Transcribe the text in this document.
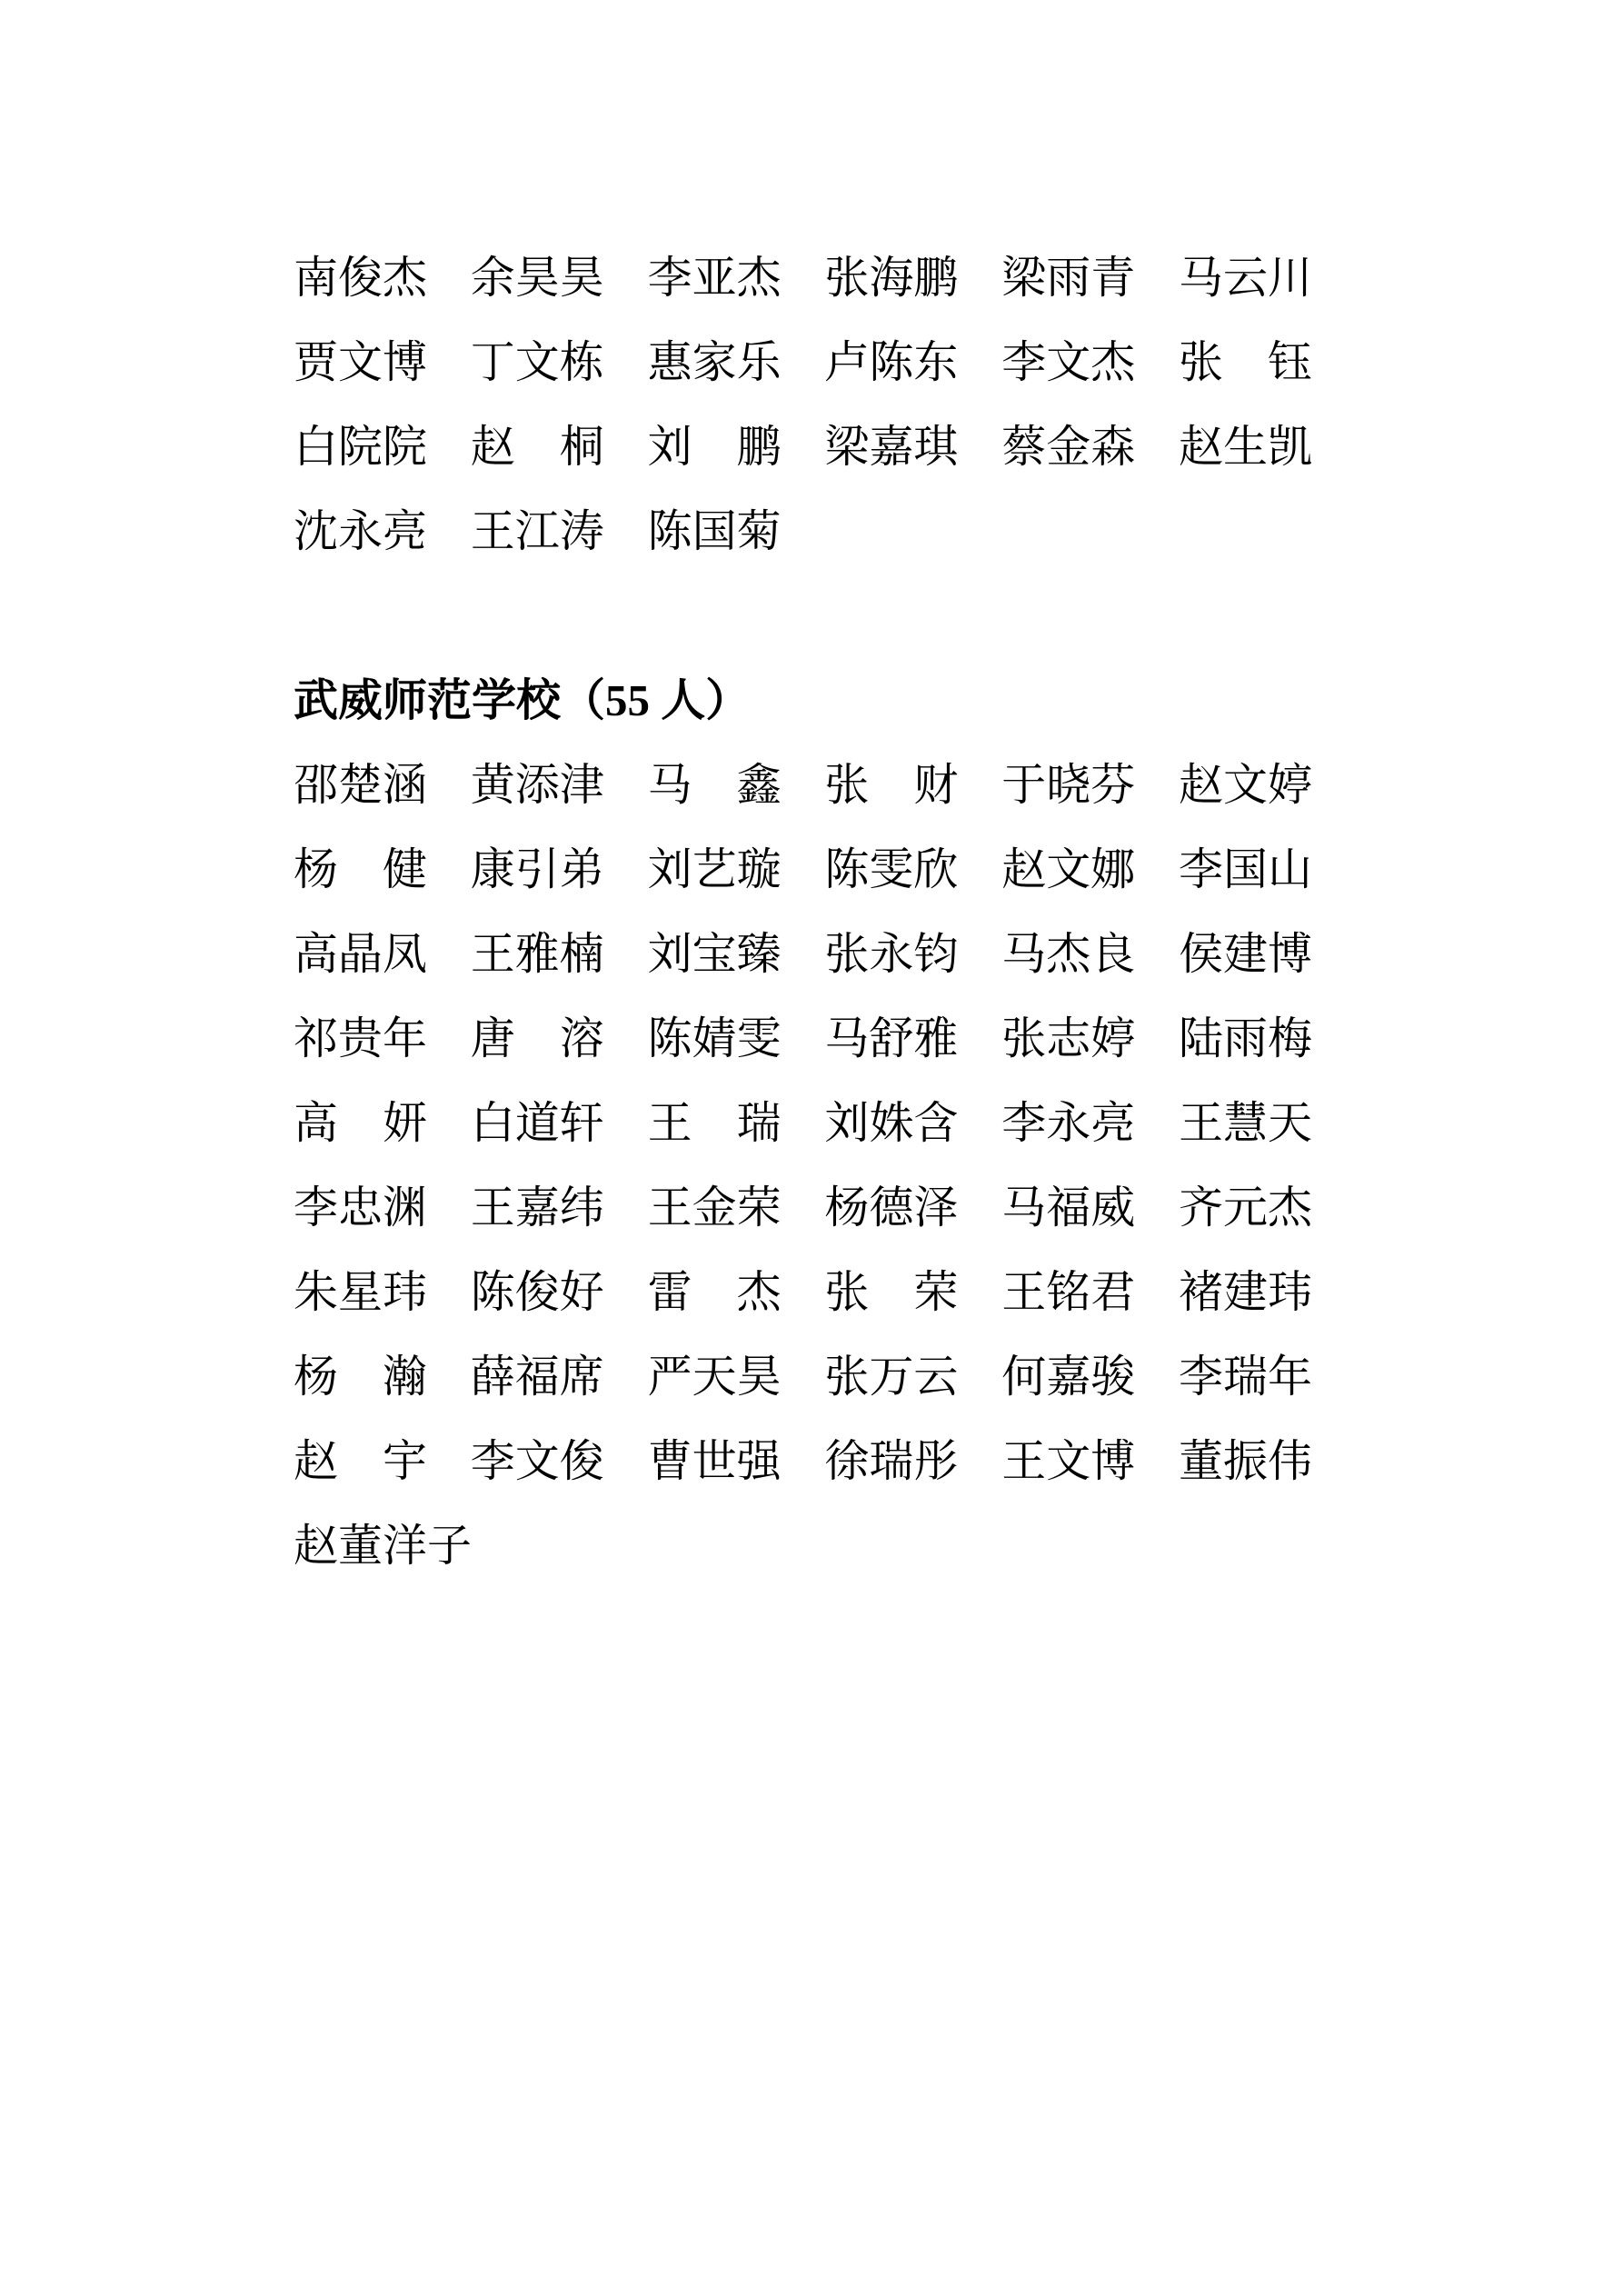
南俊杰 余昊昊 李亚杰 张海鹏 梁雨青 马云川
贾文博 丁文栋 惠家乐 卢陈东 李文杰 张　钰
白院院 赵　桐 刘　鹏 梁嘉琪 蔡金森 赵生凯
沈永亮 王江涛 陈国菊
武威师范学校（55 人）
邵楚涵 黄添津 马　鑫 张　财 于晓芬 赵文婷
杨　健 康引弟 刘艺璇 陈雯欣 赵文娜 李国山
高晶凤 王雅楠 刘宝臻 张永钧 马杰良 侯建博
祁贵年 唐　溶 陈婧雯 马舒雅 张志婷 陆雨梅
高　妍 白道轩 王　瑞 刘姝含 李永亮 王慧天
李忠渊 王嘉纬 王金荣 杨德泽 马福威 齐元杰
朱星玮 陈俊好 雷　杰 张　荣 王铭君 褚建玮
杨　瀚 薛福席 严天昊 张万云 何嘉骏 李瑞年
赵　宇 李文俊 曹世强 徐瑞彤 王文博 董振伟
赵董洋子
